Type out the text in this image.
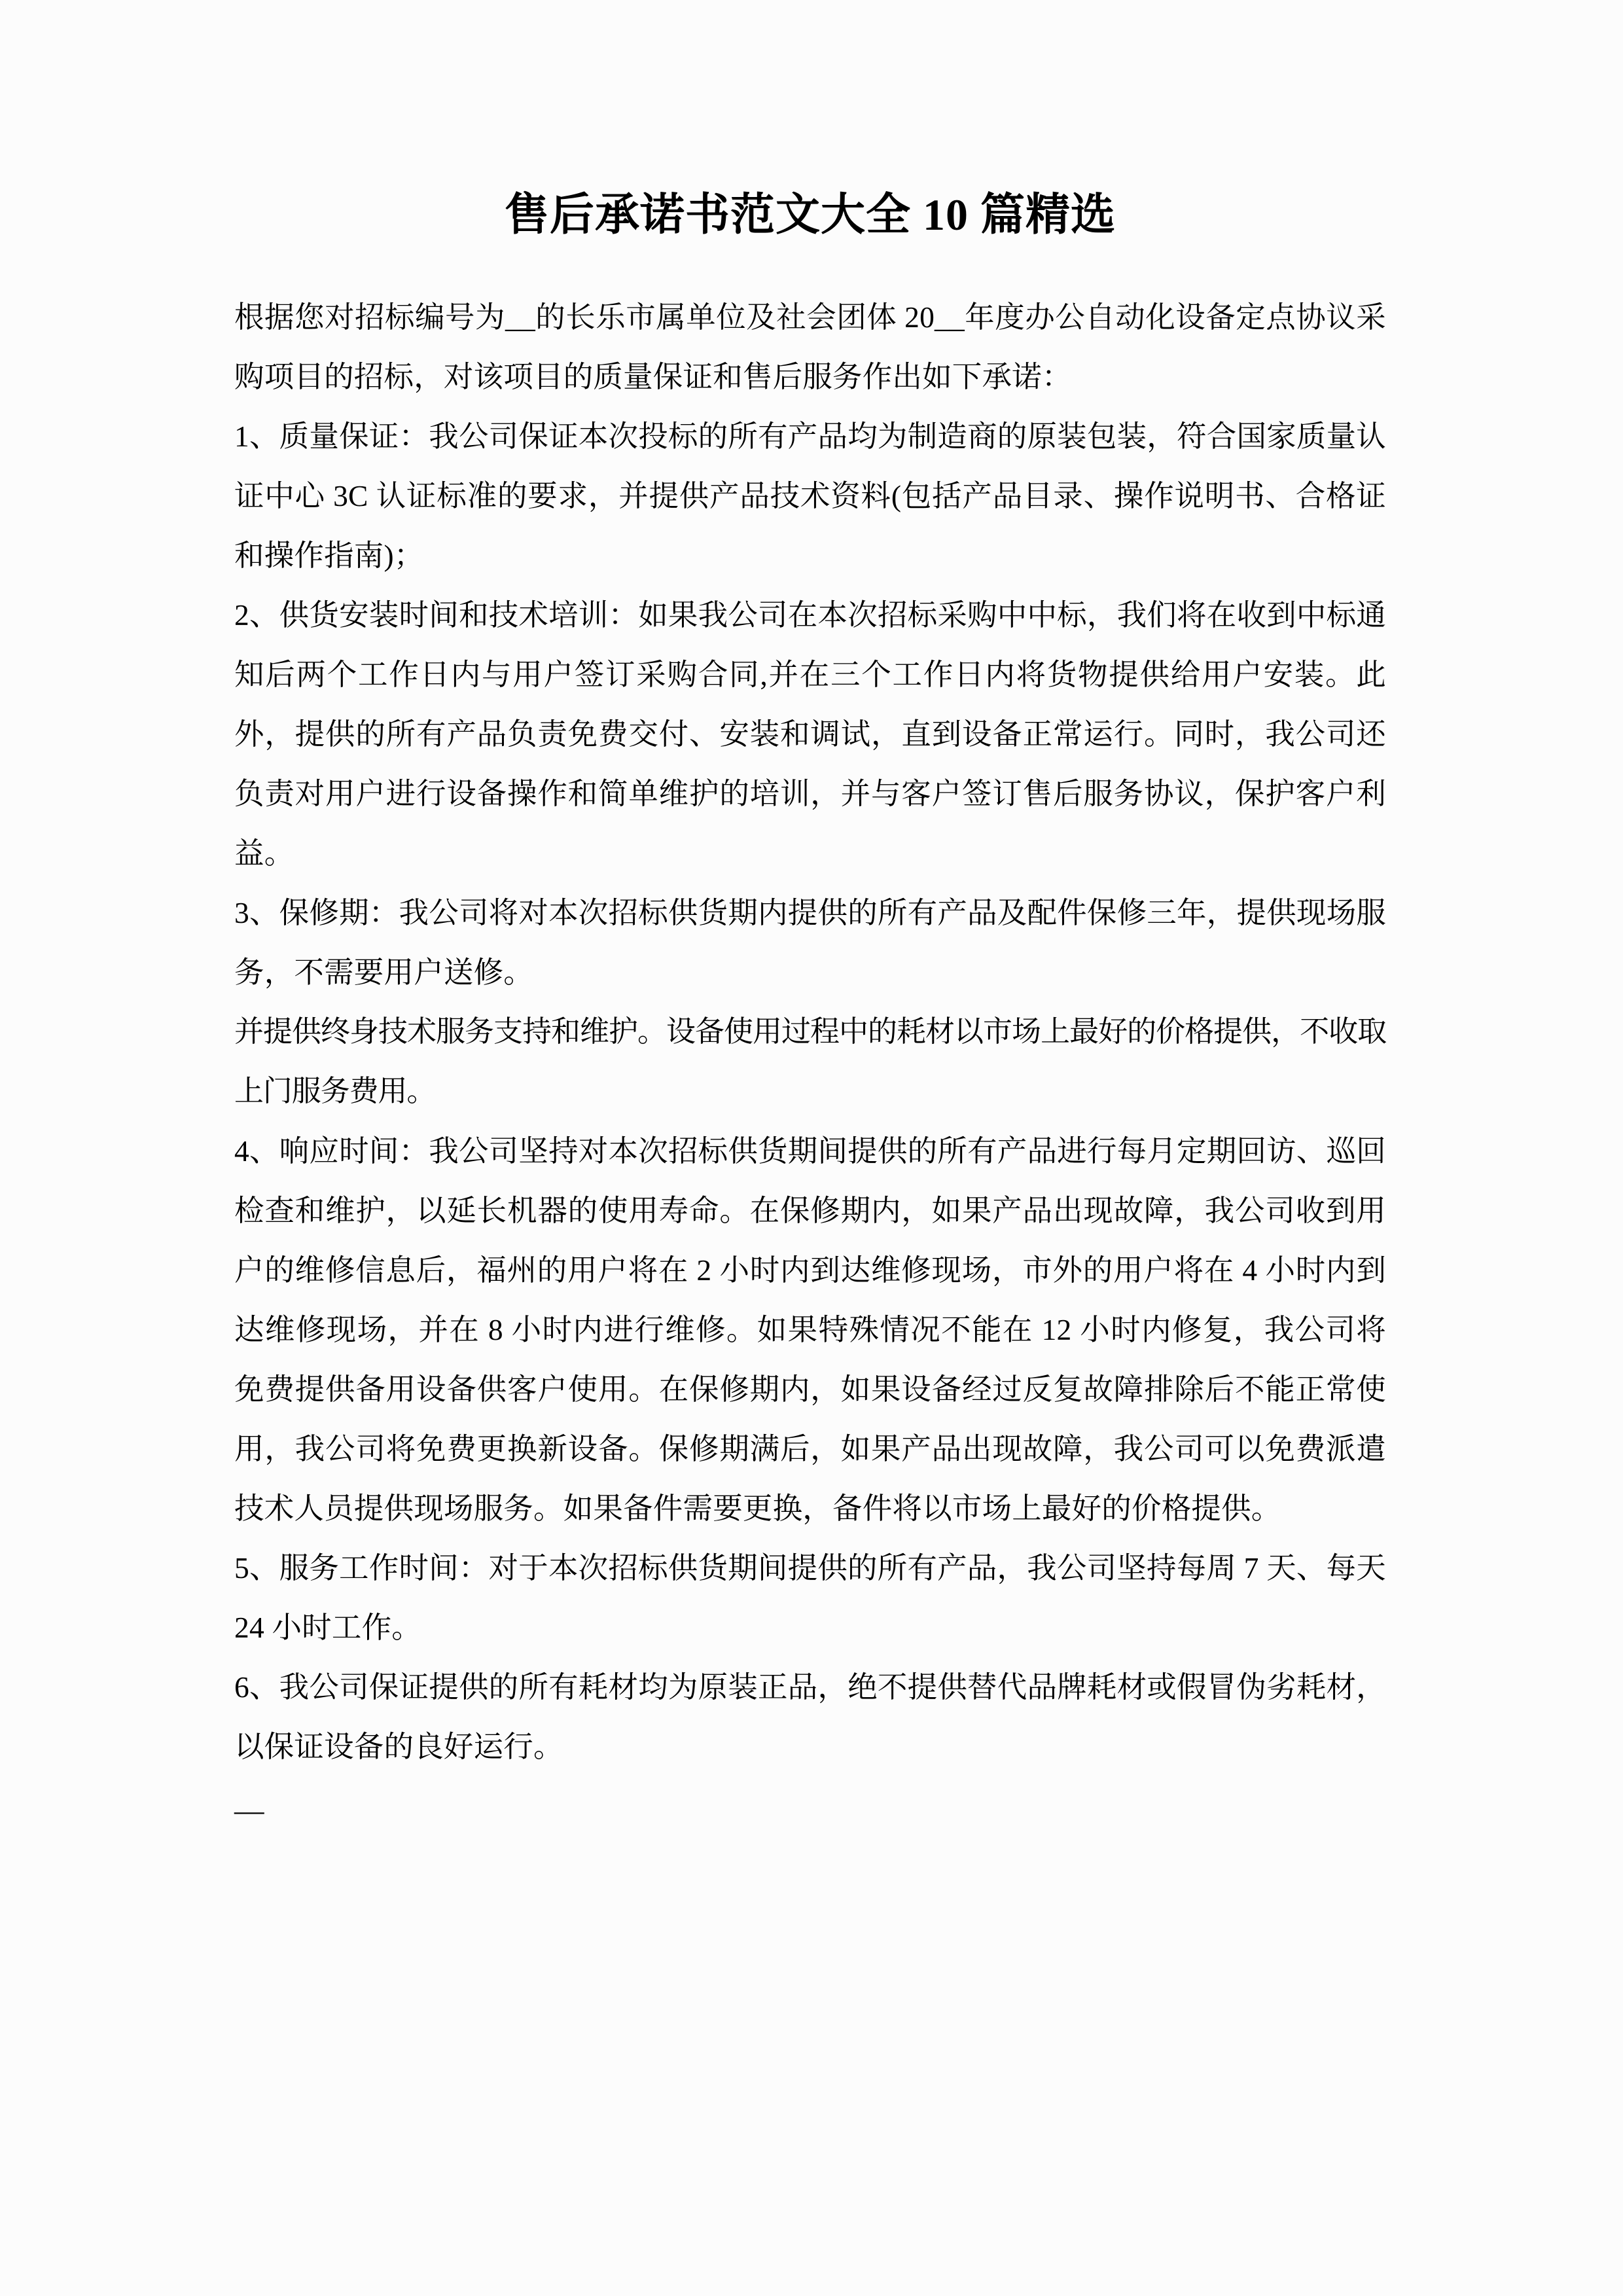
售后承诺书范文大全 10 篇精选

根据您对招标编号为__的长乐市属单位及社会团体 20__年度办公自动化设备定点协议采购项目的招标，对该项目的质量保证和售后服务作出如下承诺：

1、质量保证：我公司保证本次投标的所有产品均为制造商的原装包装，符合国家质量认证中心 3C 认证标准的要求，并提供产品技术资料(包括产品目录、操作说明书、合格证和操作指南)；

2、供货安装时间和技术培训：如果我公司在本次招标采购中中标，我们将在收到中标通知后两个工作日内与用户签订采购合同,并在三个工作日内将货物提供给用户安装。此外，提供的所有产品负责免费交付、安装和调试，直到设备正常运行。同时，我公司还负责对用户进行设备操作和简单维护的培训，并与客户签订售后服务协议，保护客户利益。

3、保修期：我公司将对本次招标供货期内提供的所有产品及配件保修三年，提供现场服务，不需要用户送修。

并提供终身技术服务支持和维护。设备使用过程中的耗材以市场上最好的价格提供，不收取上门服务费用。

4、响应时间：我公司坚持对本次招标供货期间提供的所有产品进行每月定期回访、巡回检查和维护，以延长机器的使用寿命。在保修期内，如果产品出现故障，我公司收到用户的维修信息后，福州的用户将在 2 小时内到达维修现场，市外的用户将在 4 小时内到达维修现场，并在 8 小时内进行维修。如果特殊情况不能在 12 小时内修复，我公司将免费提供备用设备供客户使用。在保修期内，如果设备经过反复故障排除后不能正常使用，我公司将免费更换新设备。保修期满后，如果产品出现故障，我公司可以免费派遣技术人员提供现场服务。如果备件需要更换，备件将以市场上最好的价格提供。

5、服务工作时间：对于本次招标供货期间提供的所有产品，我公司坚持每周 7 天、每天 24 小时工作。

6、我公司保证提供的所有耗材均为原装正品，绝不提供替代品牌耗材或假冒伪劣耗材，以保证设备的良好运行。

—
